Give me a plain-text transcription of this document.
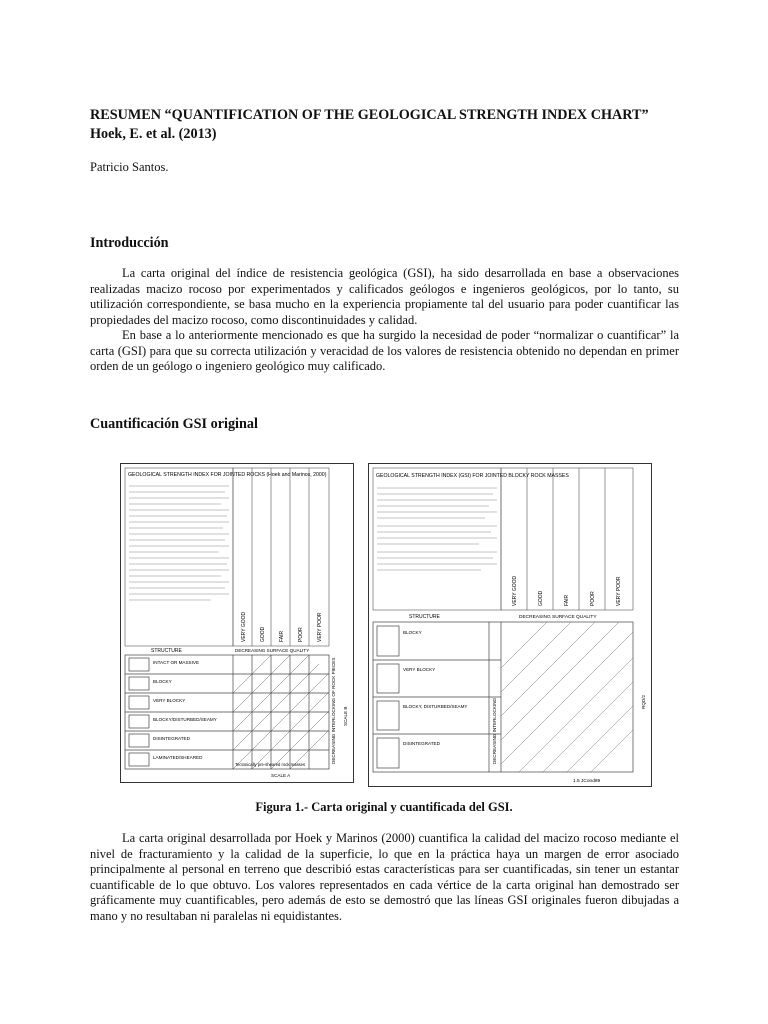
RESUMEN “QUANTIFICATION OF THE GEOLOGICAL STRENGTH INDEX CHART”
Hoek, E. et al. (2013)
Patricio Santos.
Introducción

La carta original del índice de resistencia geológica (GSI), ha sido desarrollada en base a observaciones realizadas macizo rocoso por experimentados y calificados geólogos e ingenieros geológicos, por lo tanto, su utilización correspondiente, se basa mucho en la experiencia propiamente tal del usuario para poder cuantificar las propiedades del macizo rocoso, como discontinuidades y calidad.

En base a lo anteriormente mencionado es que ha surgido la necesidad de poder “normalizar o cuantificar” la carta (GSI) para que su correcta utilización y veracidad de los valores de resistencia obtenido no dependan en primer orden de un geólogo o ingeniero geológico muy calificado.

Cuantificación GSI original
GEOLOGICAL STRENGTH INDEX FOR JOINTED ROCKS (Hoek and Marinos, 2000)
VERY GOOD	GOOD	FAIR	POOR	VERY POOR
STRUCTURE	DECREASING SURFACE QUALITY
INTACT OR MASSIVE
BLOCKY
VERY BLOCKY
BLOCKY/DISTURBED/SEAMY
DISINTEGRATED
LAMINATED/SHEARED	DECREASING INTERLOCKING OF ROCK PIECES SCALE B
SCALE A
Tectonically pre-sheared rock masses
GEOLOGICAL STRENGTH INDEX (GSI) FOR JOINTED BLOCKY ROCK MASSES
VERY GOOD	GOOD	FAIR	POOR	VERY POOR
STRUCTURE	DECREASING SURFACE QUALITY
BLOCKY
VERY BLOCKY
BLOCKY, DISTURBED/SEAMY
DISINTEGRATED	DECREASING INTERLOCKING	RQD/2
1.5 JCond89
Figura 1.- Carta original y cuantificada del GSI.

La carta original desarrollada por Hoek y Marinos (2000) cuantifica la calidad del macizo rocoso mediante el nivel de fracturamiento y la calidad de la superficie, lo que en la práctica haya un margen de error asociado principalmente al personal en terreno que describió estas características para ser cuantificadas, sin tener un estantar cuantificable de lo que obtuvo. Los valores representados en cada vértice de la carta original han demostrado ser gráficamente muy cuantificables, pero además de esto se demostró que las líneas GSI originales fueron dibujadas a mano y no resultaban ni paralelas ni equidistantes.
